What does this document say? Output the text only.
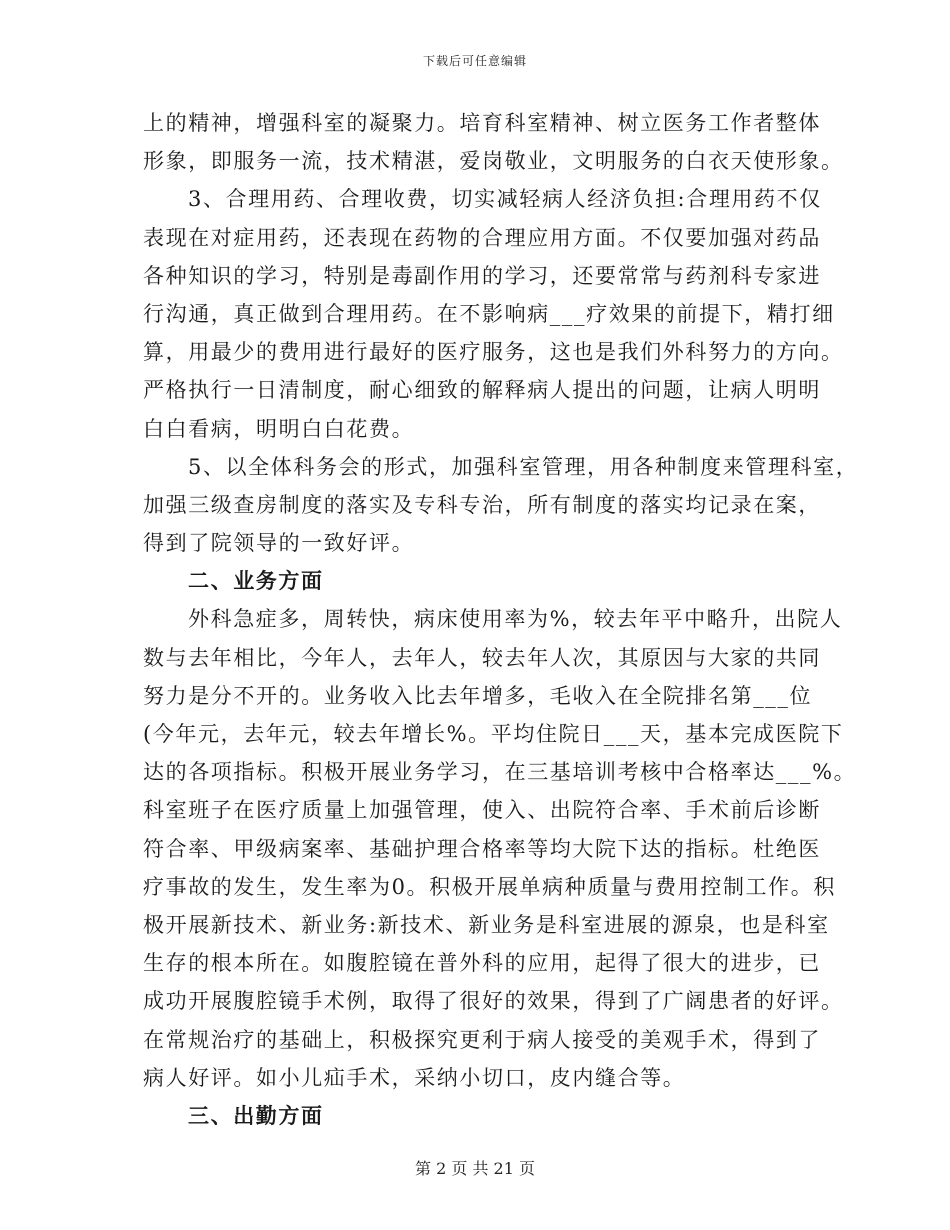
下载后可任意编辑
上的精神，增强科室的凝聚力。培育科室精神、树立医务工作者整体
形象，即服务一流，技术精湛，爱岗敬业，文明服务的白衣天使形象。
3、合理用药、合理收费，切实减轻病人经济负担:合理用药不仅
表现在对症用药，还表现在药物的合理应用方面。不仅要加强对药品
各种知识的学习，特别是毒副作用的学习，还要常常与药剂科专家进
行沟通，真正做到合理用药。在不影响病___疗效果的前提下，精打细
算，用最少的费用进行最好的医疗服务，这也是我们外科努力的方向。
严格执行一日清制度，耐心细致的解释病人提出的问题，让病人明明
白白看病，明明白白花费。
5、以全体科务会的形式，加强科室管理，用各种制度来管理科室，
加强三级查房制度的落实及专科专治，所有制度的落实均记录在案，
得到了院领导的一致好评。
二、业务方面
外科急症多，周转快，病床使用率为%，较去年平中略升，出院人
数与去年相比，今年人，去年人，较去年人次，其原因与大家的共同
努力是分不开的。业务收入比去年增多，毛收入在全院排名第___位
(今年元，去年元，较去年增长%。平均住院日___天，基本完成医院下
达的各项指标。积极开展业务学习，在三基培训考核中合格率达___%。
科室班子在医疗质量上加强管理，使入、出院符合率、手术前后诊断
符合率、甲级病案率、基础护理合格率等均大院下达的指标。杜绝医
疗事故的发生，发生率为0。积极开展单病种质量与费用控制工作。积
极开展新技术、新业务:新技术、新业务是科室进展的源泉，也是科室
生存的根本所在。如腹腔镜在普外科的应用，起得了很大的进步，已
成功开展腹腔镜手术例，取得了很好的效果，得到了广阔患者的好评。
在常规治疗的基础上，积极探究更利于病人接受的美观手术，得到了
病人好评。如小儿疝手术，采纳小切口，皮内缝合等。
三、出勤方面
第 2 页 共 21 页
